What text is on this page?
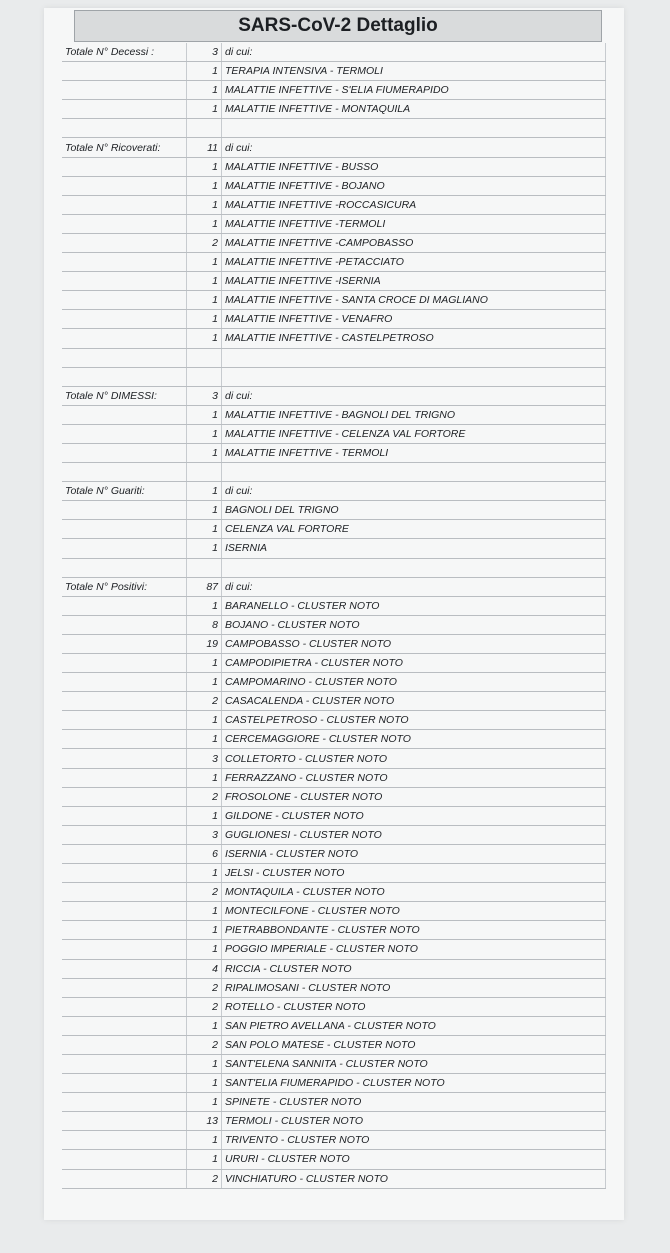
SARS-CoV-2 Dettaglio
Totale N° Decessi :	3	di cui:
	1	TERAPIA INTENSIVA - TERMOLI
	1	MALATTIE INFETTIVE - S'ELIA FIUMERAPIDO
	1	MALATTIE INFETTIVE - MONTAQUILA

Totale N° Ricoverati:	11	di cui:
	1	MALATTIE INFETTIVE - BUSSO
	1	MALATTIE INFETTIVE - BOJANO
	1	MALATTIE INFETTIVE -ROCCASICURA
	1	MALATTIE INFETTIVE -TERMOLI
	2	MALATTIE INFETTIVE -CAMPOBASSO
	1	MALATTIE INFETTIVE -PETACCIATO
	1	MALATTIE INFETTIVE -ISERNIA
	1	MALATTIE INFETTIVE - SANTA CROCE DI MAGLIANO
	1	MALATTIE INFETTIVE - VENAFRO
	1	MALATTIE INFETTIVE - CASTELPETROSO

Totale N° DIMESSI:	3	di cui:
	1	MALATTIE INFETTIVE - BAGNOLI DEL TRIGNO
	1	MALATTIE INFETTIVE - CELENZA VAL FORTORE
	1	MALATTIE INFETTIVE - TERMOLI

Totale N° Guariti:	1	di cui:
	1	BAGNOLI DEL TRIGNO
	1	CELENZA VAL FORTORE
	1	ISERNIA

Totale N° Positivi:	87	di cui:
	1	BARANELLO - CLUSTER NOTO
	8	BOJANO - CLUSTER NOTO
	19	CAMPOBASSO - CLUSTER NOTO
	1	CAMPODIPIETRA - CLUSTER NOTO
	1	CAMPOMARINO - CLUSTER NOTO
	2	CASACALENDA - CLUSTER NOTO
	1	CASTELPETROSO - CLUSTER NOTO
	1	CERCEMAGGIORE - CLUSTER NOTO
	3	COLLETORTO - CLUSTER NOTO
	1	FERRAZZANO - CLUSTER NOTO
	2	FROSOLONE - CLUSTER NOTO
	1	GILDONE - CLUSTER NOTO
	3	GUGLIONESI - CLUSTER NOTO
	6	ISERNIA - CLUSTER NOTO
	1	JELSI - CLUSTER NOTO
	2	MONTAQUILA - CLUSTER NOTO
	1	MONTECILFONE - CLUSTER NOTO
	1	PIETRABBONDANTE - CLUSTER NOTO
	1	POGGIO IMPERIALE - CLUSTER NOTO
	4	RICCIA - CLUSTER NOTO
	2	RIPALIMOSANI - CLUSTER NOTO
	2	ROTELLO - CLUSTER NOTO
	1	SAN PIETRO AVELLANA - CLUSTER NOTO
	2	SAN POLO MATESE - CLUSTER NOTO
	1	SANT'ELENA SANNITA - CLUSTER NOTO
	1	SANT'ELIA FIUMERAPIDO - CLUSTER NOTO
	1	SPINETE - CLUSTER NOTO
	13	TERMOLI - CLUSTER NOTO
	1	TRIVENTO - CLUSTER NOTO
	1	URURI - CLUSTER NOTO
	2	VINCHIATURO - CLUSTER NOTO
